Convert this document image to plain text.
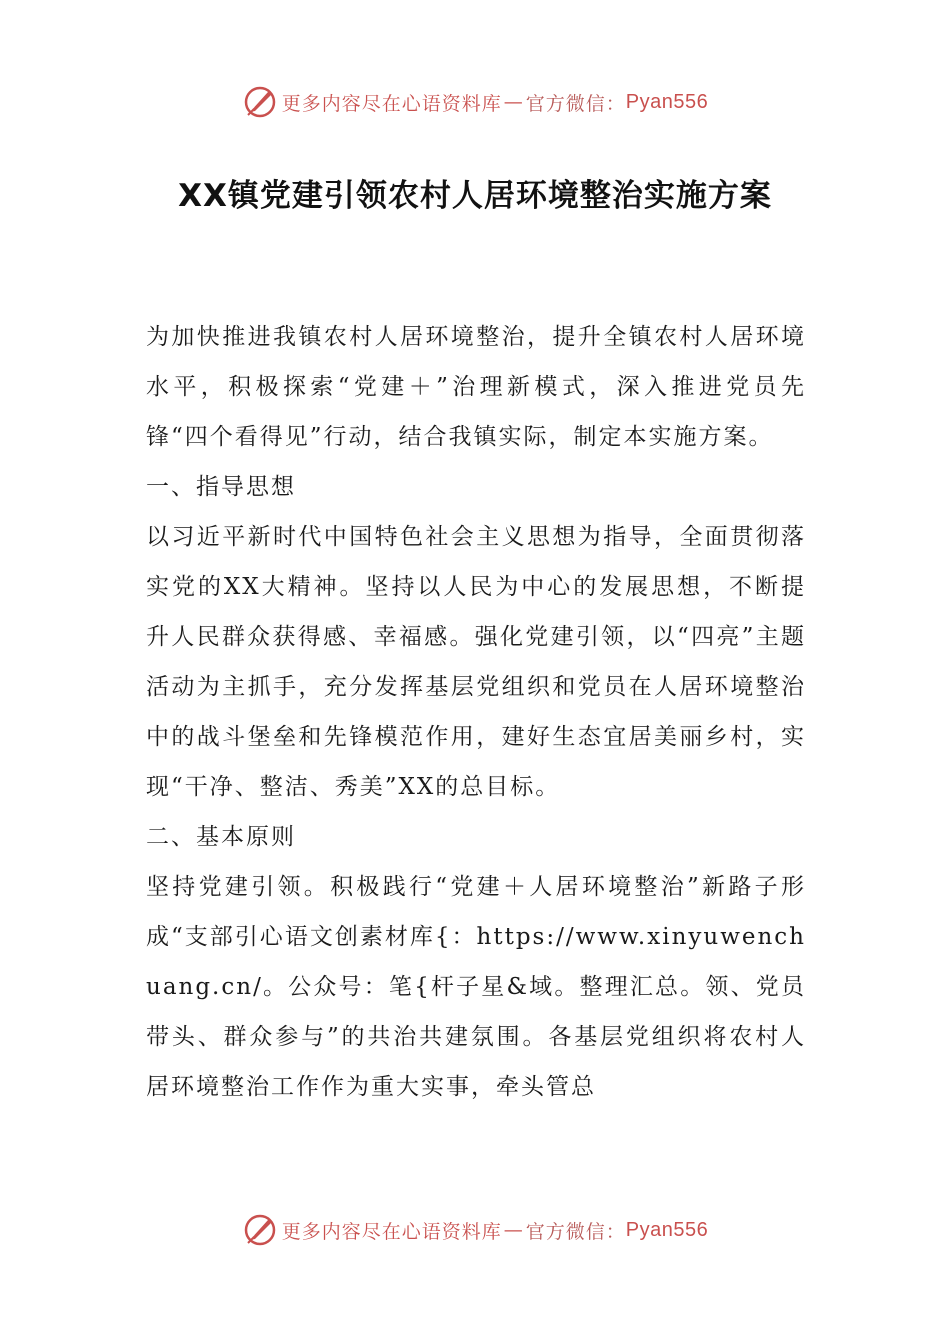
更多内容尽在心语资料库 — 官方微信： Pyan556
XX镇党建引领农村人居环境整治实施方案

为加快推进我镇农村人居环境整治，提升全镇农村人居环境水平，积极探索“党建＋”治理新模式，深入推进党员先锋“四个看得见”行动，结合我镇实际，制定本实施方案。

一、指导思想

以习近平新时代中国特色社会主义思想为指导，全面贯彻落实党的XX大精神。坚持以人民为中心的发展思想，不断提升人民群众获得感、幸福感。强化党建引领，以“四亮”主题活动为主抓手，充分发挥基层党组织和党员在人居环境整治中的战斗堡垒和先锋模范作用，建好生态宜居美丽乡村，实现“干净、整洁、秀美”XX的总目标。

二、基本原则

坚持党建引领。积极践行“党建＋人居环境整治”新路子形成“支部引心语文创素材库{：https://www.xinyuwenchuang.cn/。公众号：笔{杆子星&域。整理汇总。领、党员带头、群众参与”的共治共建氛围。各基层党组织将农村人居环境整治工作作为重大实事，牵头管总

更多内容尽在心语资料库 — 官方微信： Pyan556
